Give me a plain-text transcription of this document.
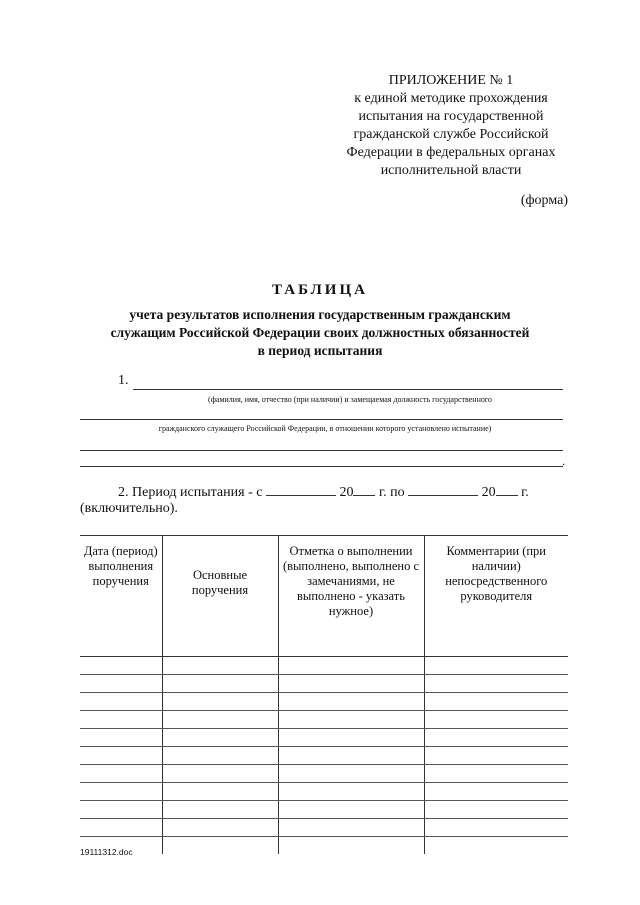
ПРИЛОЖЕНИЕ № 1
к единой методике прохождения
испытания на государственной
гражданской службе Российской
Федерации в федеральных органах
исполнительной власти
(форма)
ТАБЛИЦА
учета результатов исполнения государственным гражданским
служащим Российской Федерации своих должностных обязанностей
в период испытания
1.
(фамилия, имя, отчество (при наличии) и замещаемая должность государственного
гражданского служащего Российской Федерации, в отношении которого установлено испытание)
.
2. Период испытания - с	20 г. по	20 г.
(включительно).
Дата (период) выполнения поручения	Основные поручения	Отметка о выполнении (выполнено, выполнено с замечаниями, не выполнено - указать нужное)	Комментарии (при наличии) непосредственного руководителя

19111312.doc
